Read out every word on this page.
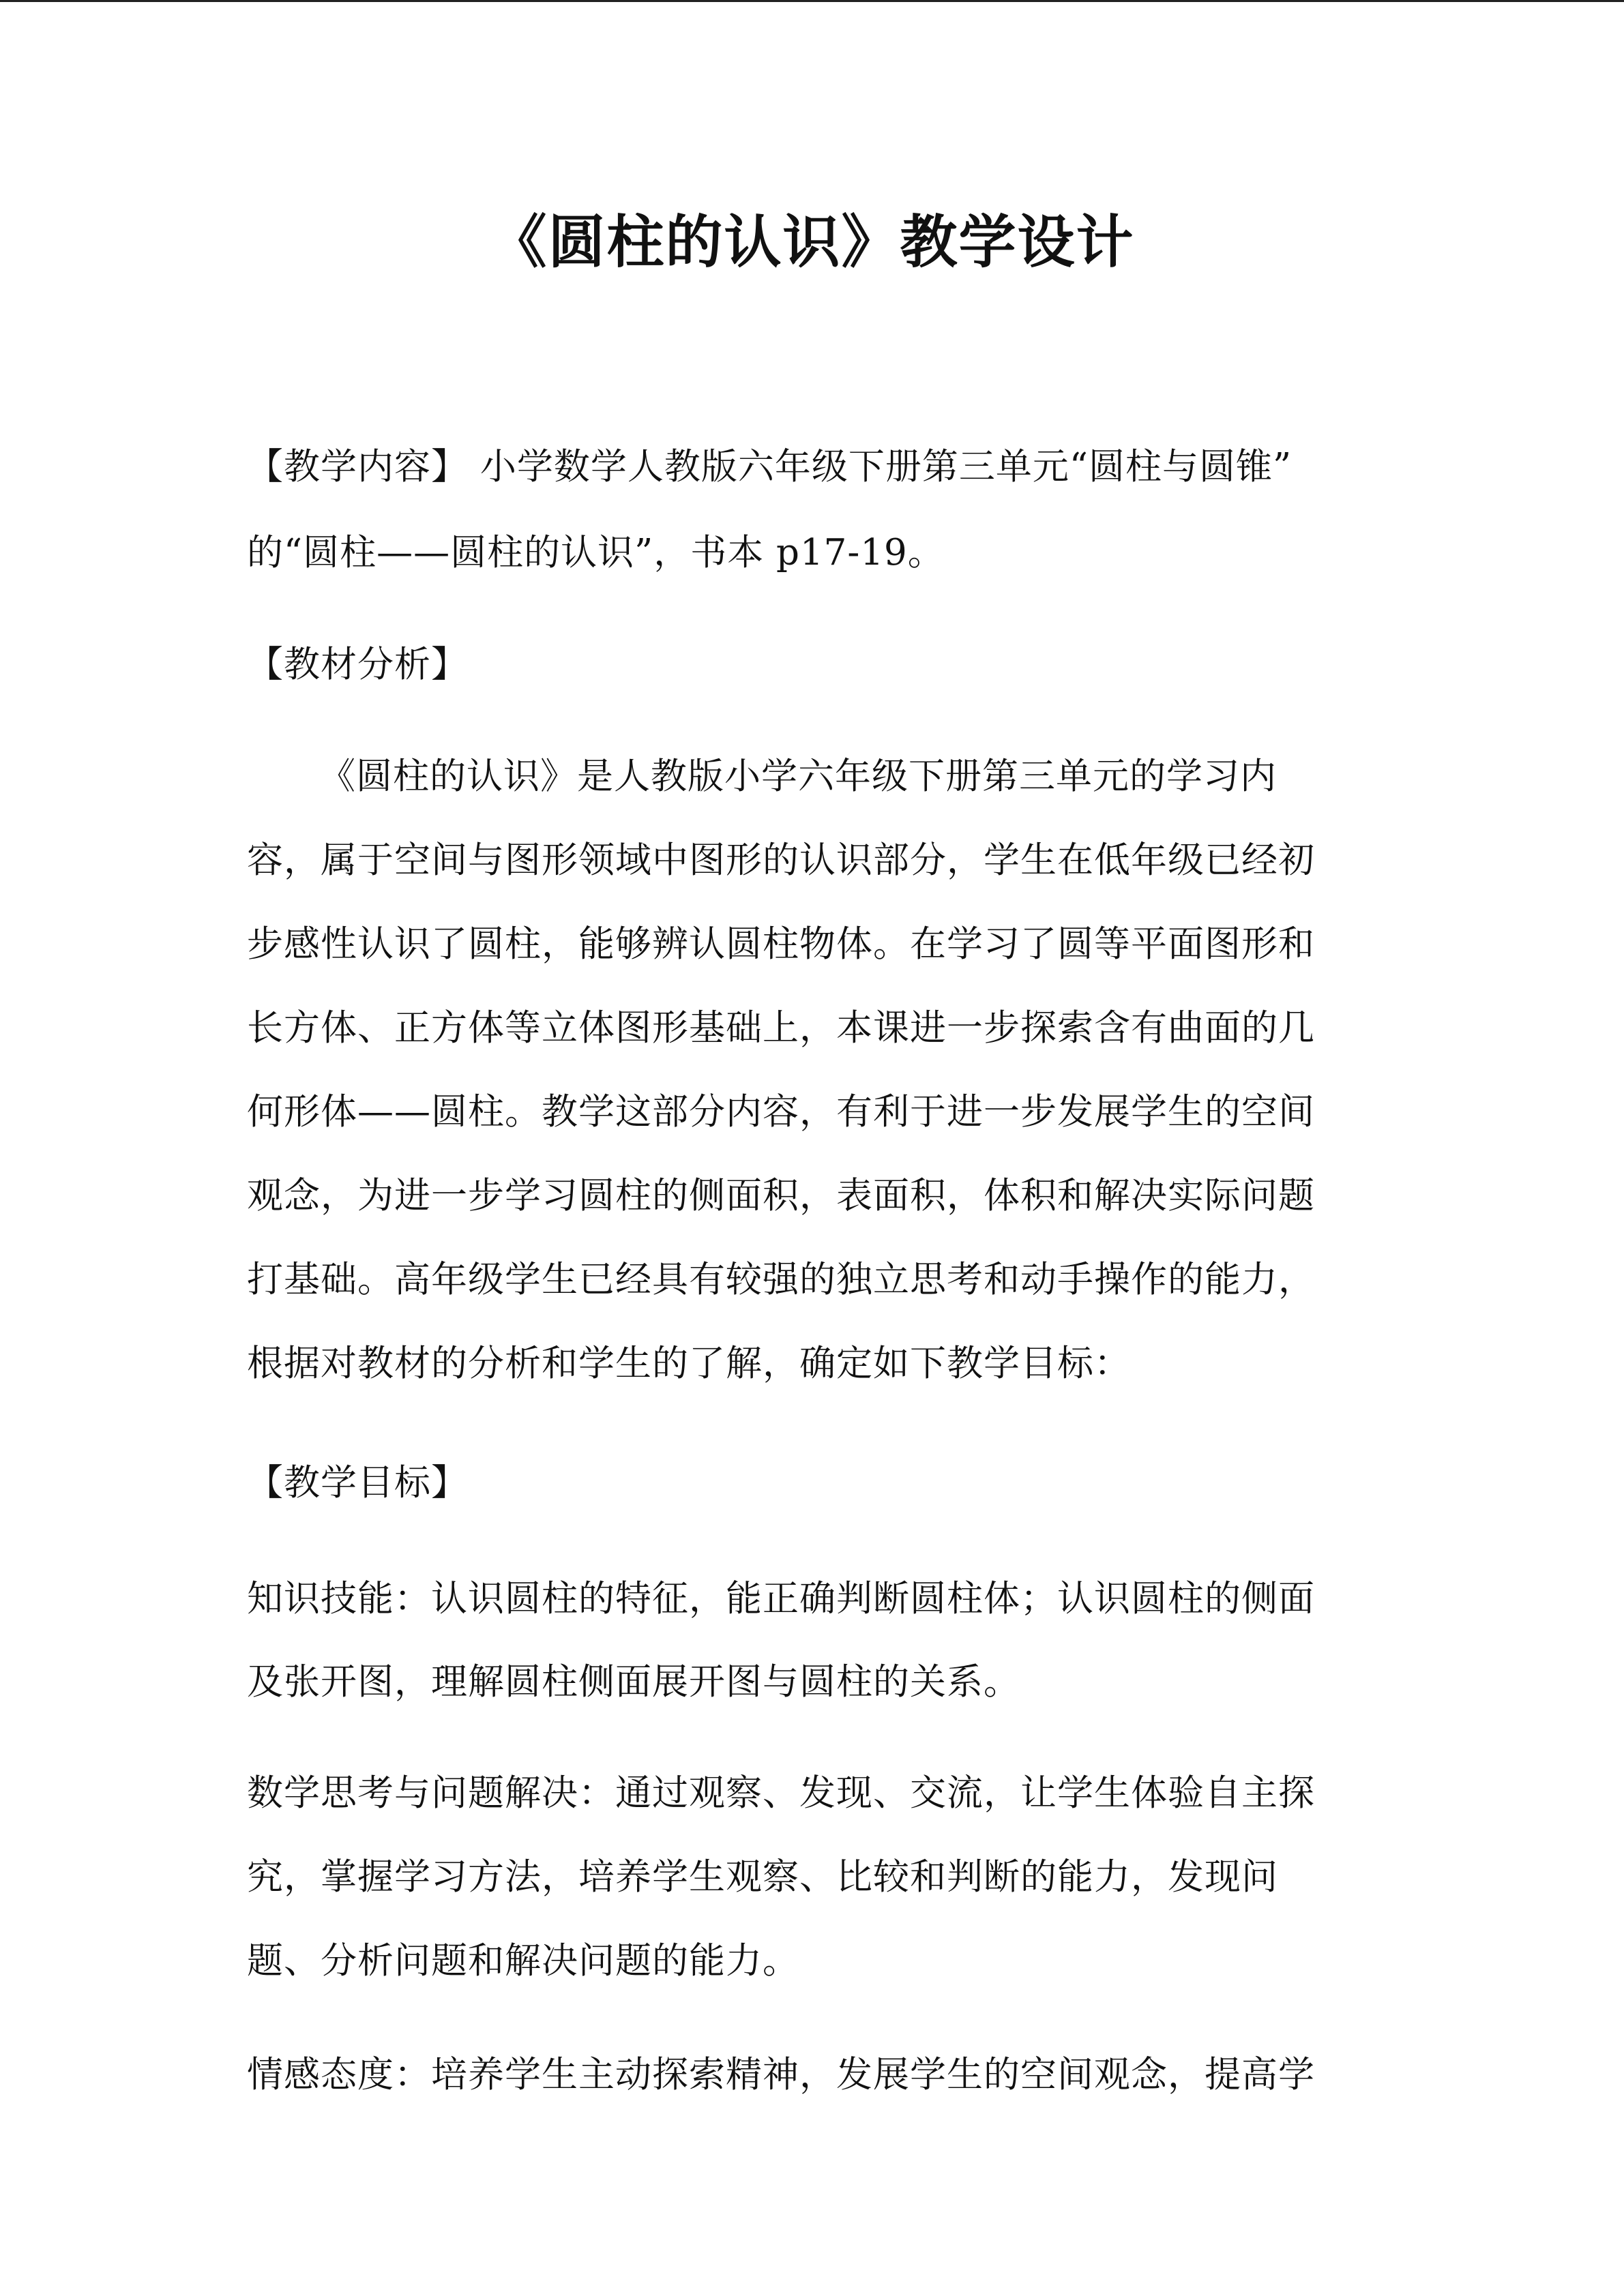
《圆柱的认识》教学设计
【教学内容】 小学数学人教版六年级下册第三单元“圆柱与圆锥”
的“圆柱——圆柱的认识”，书本 p17-19。
【教材分析】
《圆柱的认识》是人教版小学六年级下册第三单元的学习内
容，属于空间与图形领域中图形的认识部分，学生在低年级已经初
步感性认识了圆柱，能够辨认圆柱物体。在学习了圆等平面图形和
长方体、正方体等立体图形基础上，本课进一步探索含有曲面的几
何形体——圆柱。教学这部分内容，有利于进一步发展学生的空间
观念，为进一步学习圆柱的侧面积，表面积，体积和解决实际问题
打基础。高年级学生已经具有较强的独立思考和动手操作的能力，
根据对教材的分析和学生的了解，确定如下教学目标：
【教学目标】
知识技能：认识圆柱的特征，能正确判断圆柱体；认识圆柱的侧面
及张开图，理解圆柱侧面展开图与圆柱的关系。
数学思考与问题解决：通过观察、发现、交流，让学生体验自主探
究，掌握学习方法，培养学生观察、比较和判断的能力，发现问
题、分析问题和解决问题的能力。
情感态度：培养学生主动探索精神，发展学生的空间观念，提高学
